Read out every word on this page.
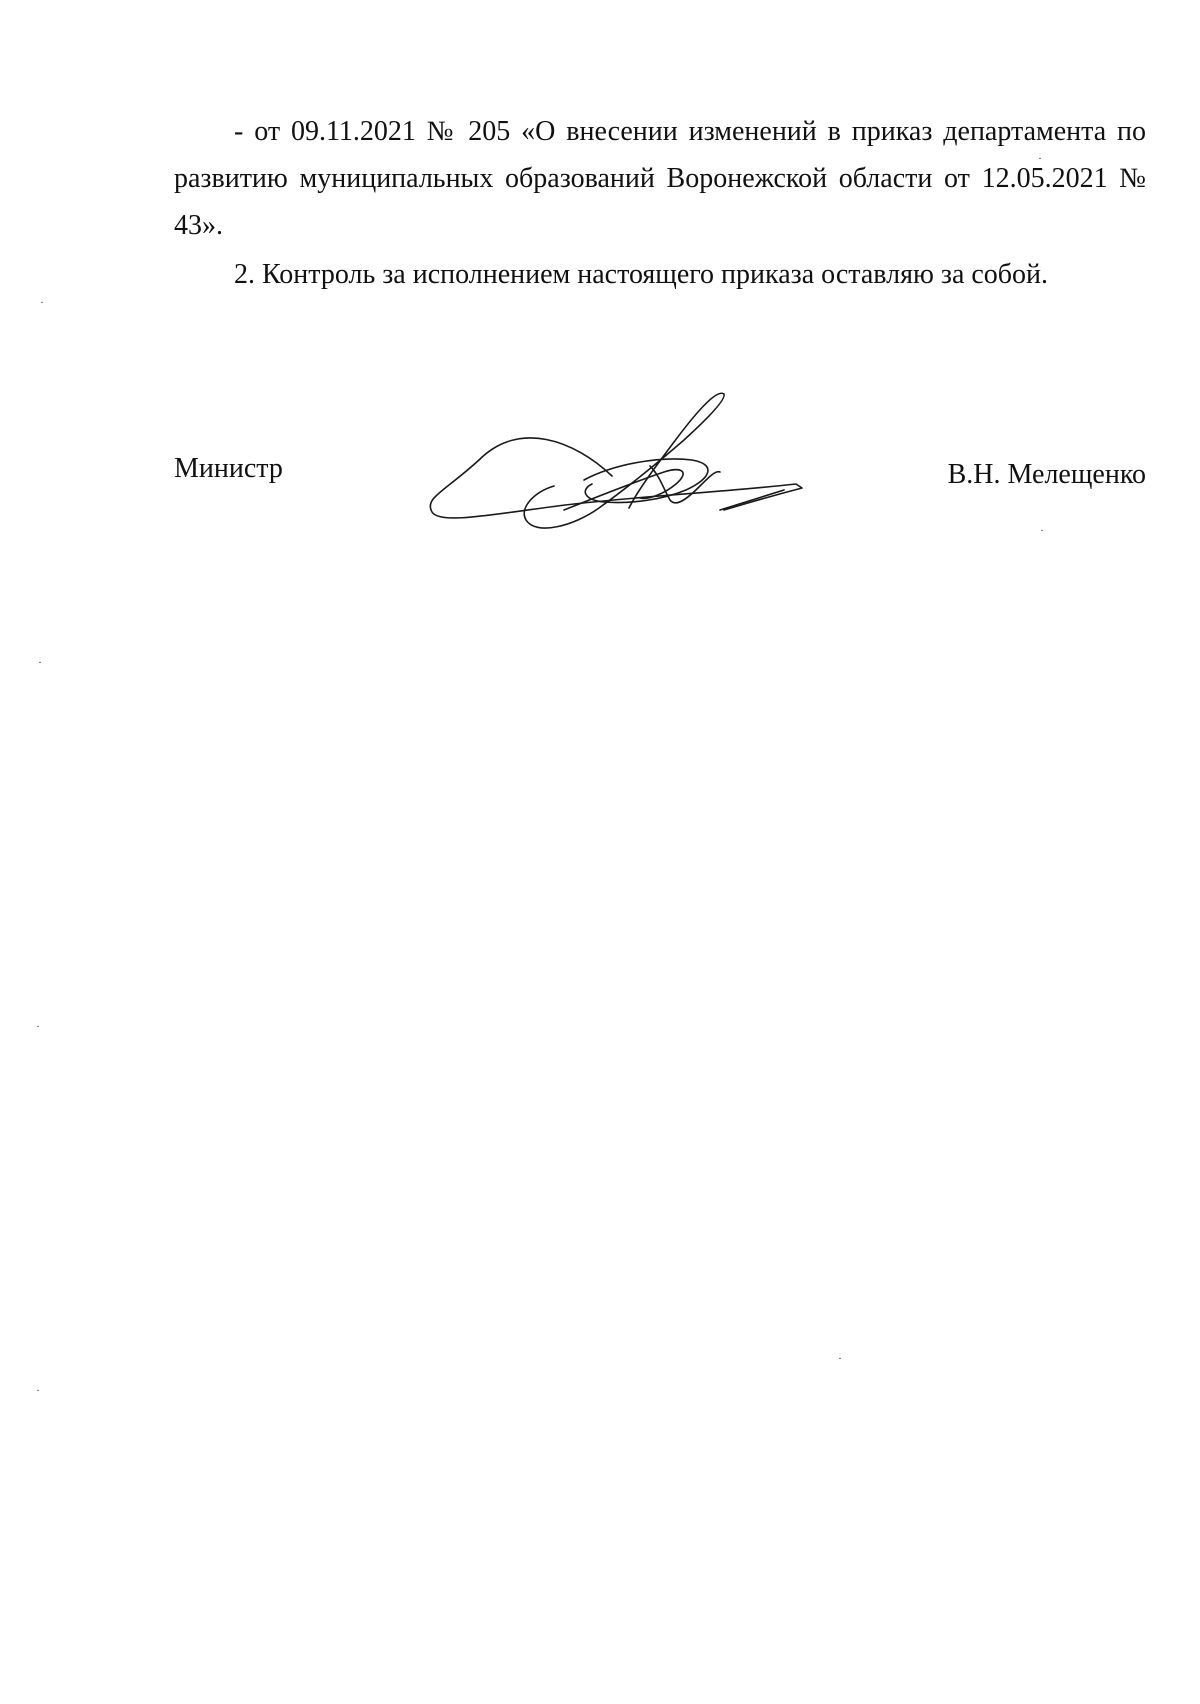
- от 09.11.2021 № 205 «О внесении изменений в приказ департамента по развитию муниципальных образований Воронежской области от 12.05.2021 № 43».

2. Контроль за исполнением настоящего приказа оставляю за собой.

Министр	В.Н. Мелещенко
·
·
·
·
·
·
·
